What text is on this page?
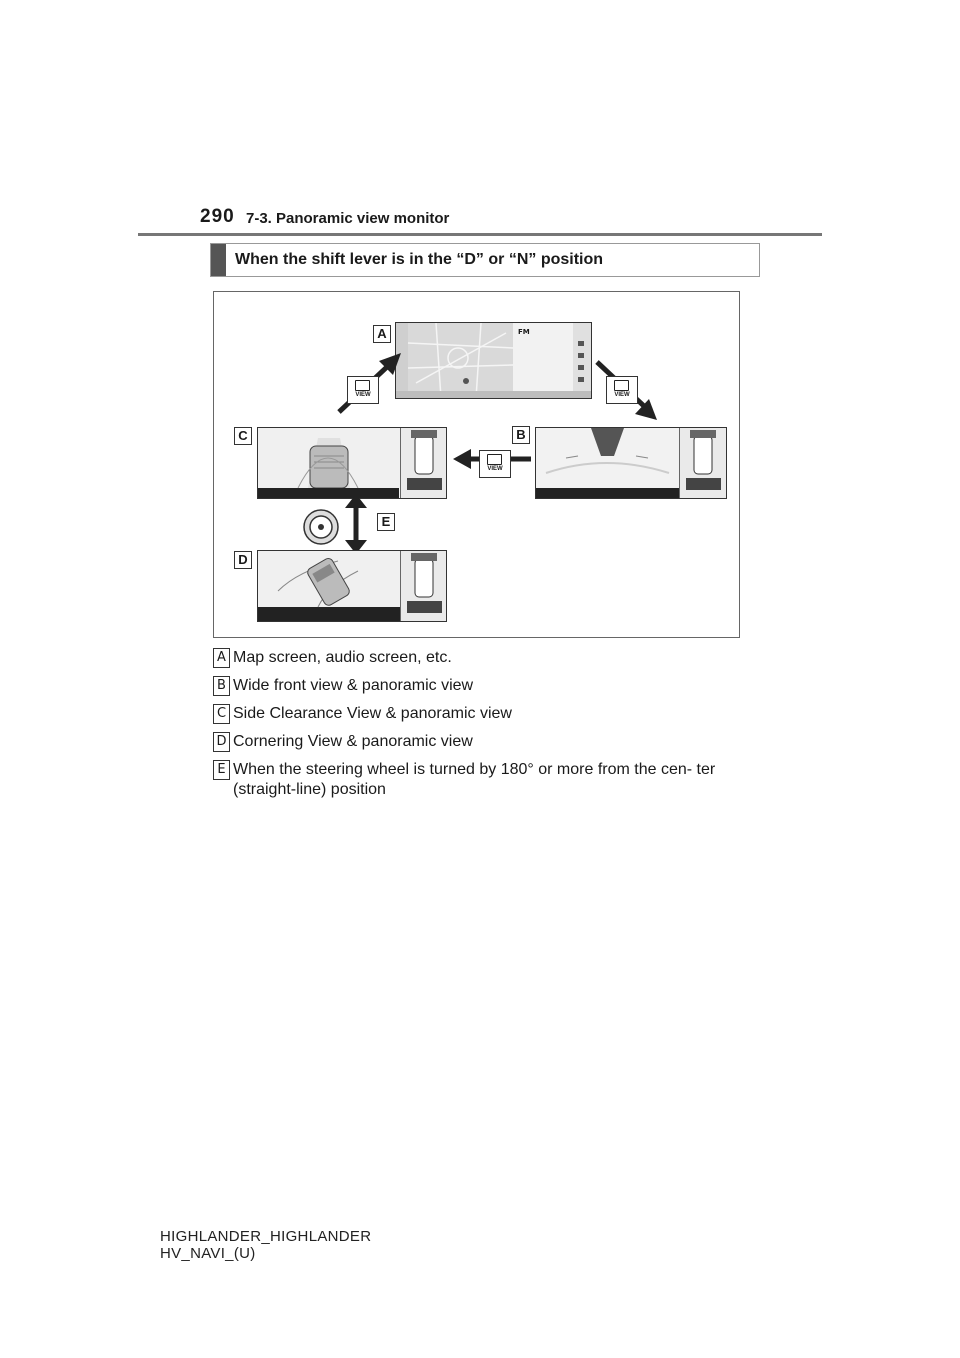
290 7-3. Panoramic view monitor
When the shift lever is in the “D” or “N” position
FM
A
VIEW	VIEW
C
VIEW
B
E
D
A Map screen, audio screen, etc.
B Wide front view & panoramic view
C Side Clearance View & panoramic view
D Cornering View & panoramic view
E When the steering wheel is turned by 180° or more from the cen- ter (straight-line) position
HIGHLANDER_HIGHLANDER
HV_NAVI_(U)
